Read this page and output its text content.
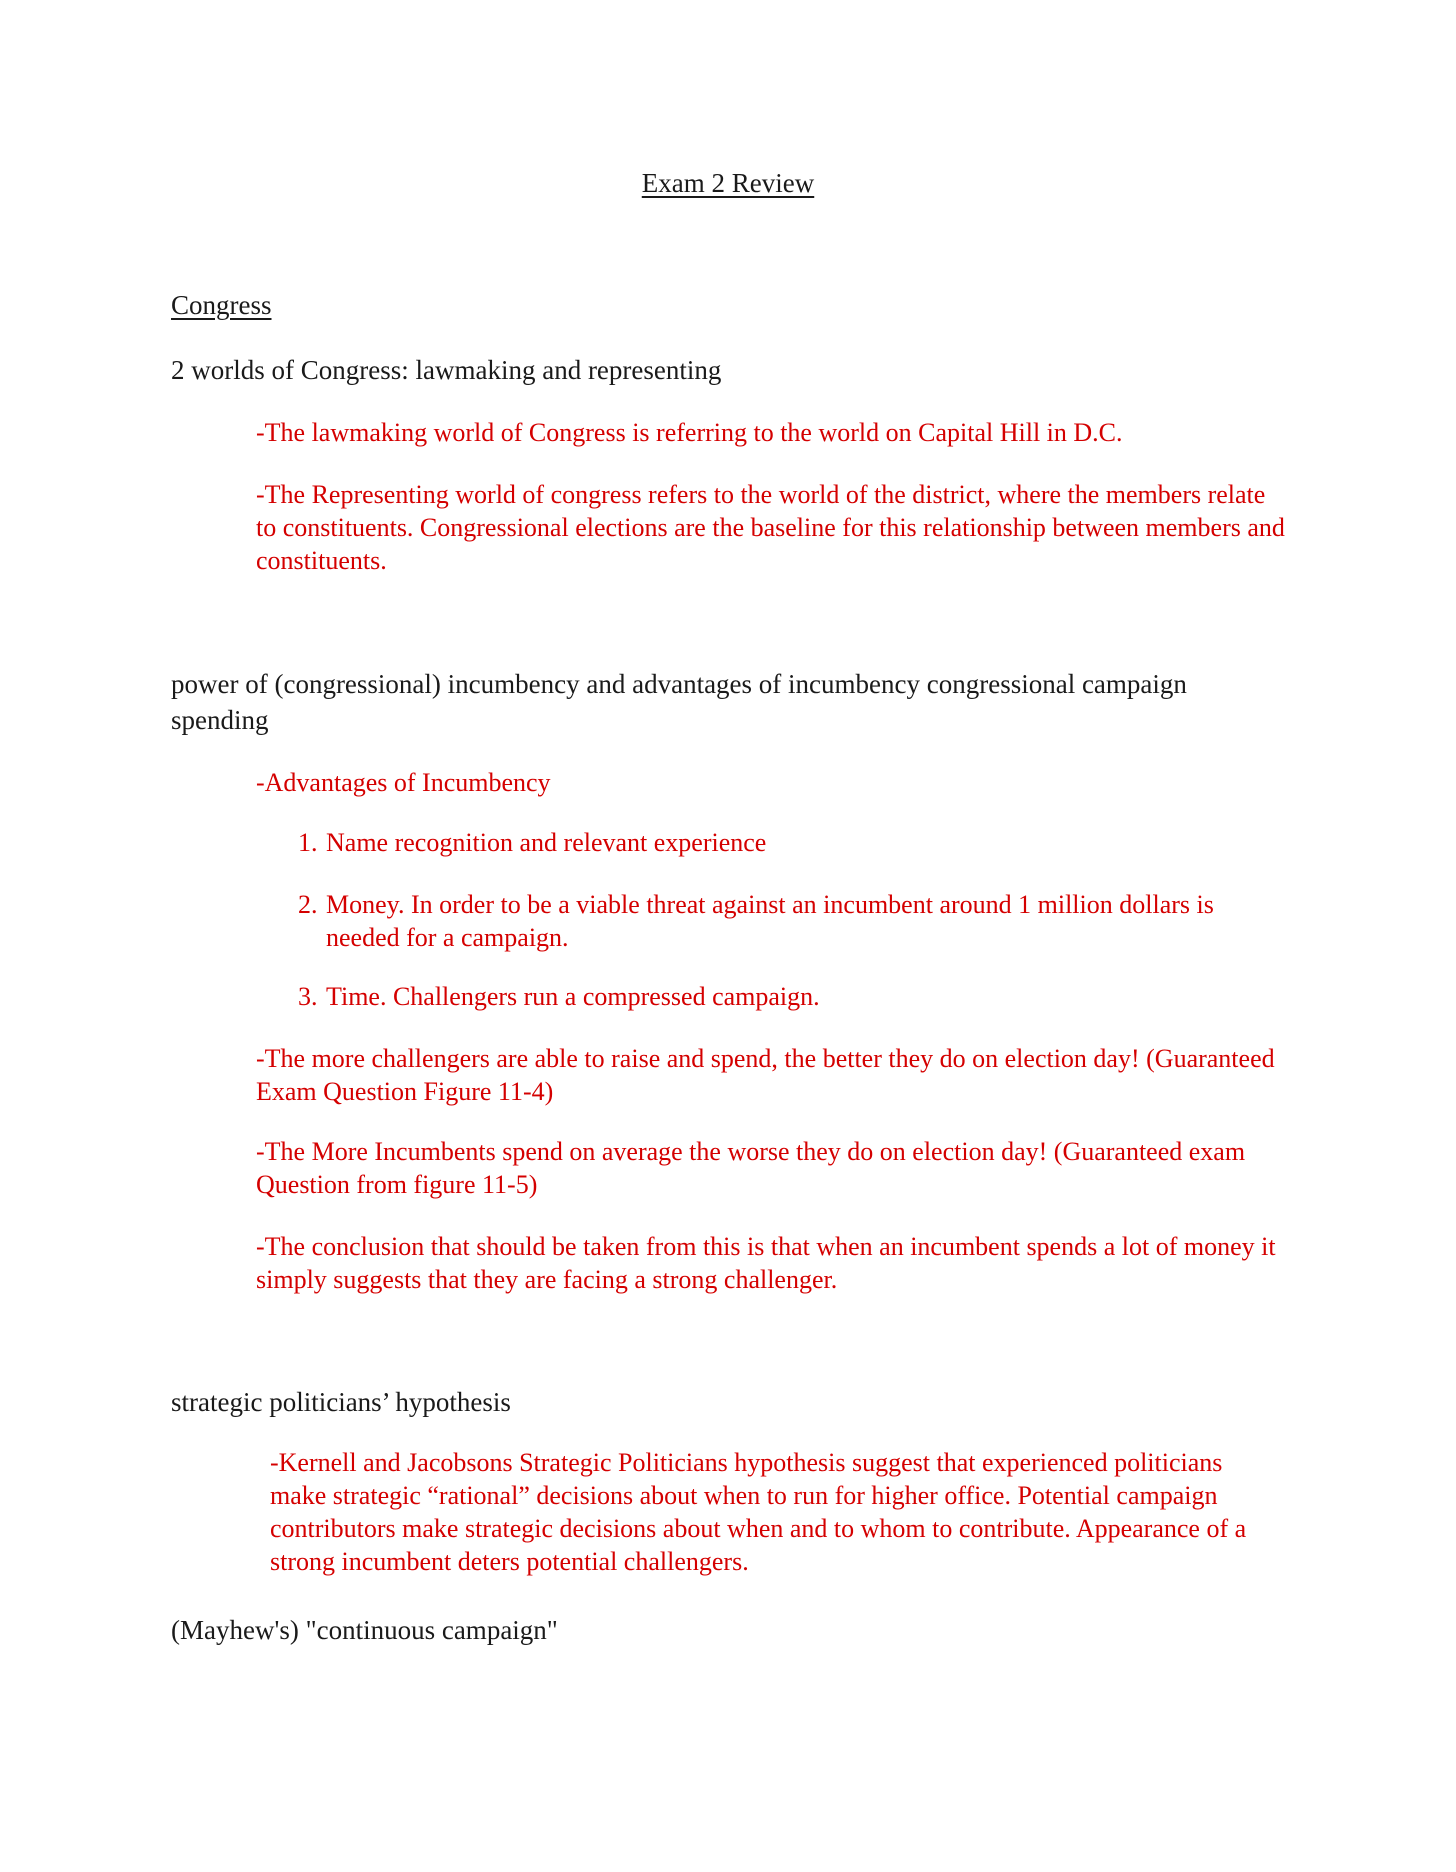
Exam 2 Review
Congress
2 worlds of Congress: lawmaking and representing
-The lawmaking world of Congress is referring to the world on Capital Hill in D.C.
-The Representing world of congress refers to the world of the district, where the members relate to constituents. Congressional elections are the baseline for this relationship between members and constituents.
power of (congressional) incumbency and advantages of incumbency congressional campaign spending
-Advantages of Incumbency
1. Name recognition and relevant experience
2. Money. In order to be a viable threat against an incumbent around 1 million dollars is needed for a campaign.
3. Time. Challengers run a compressed campaign.
-The more challengers are able to raise and spend, the better they do on election day! (Guaranteed Exam Question Figure 11-4)
-The More Incumbents spend on average the worse they do on election day! (Guaranteed exam Question from figure 11-5)
-The conclusion that should be taken from this is that when an incumbent spends a lot of money it simply suggests that they are facing a strong challenger.
strategic politicians’ hypothesis
-Kernell and Jacobsons Strategic Politicians hypothesis suggest that experienced politicians make strategic “rational” decisions about when to run for higher office. Potential campaign contributors make strategic decisions about when and to whom to contribute. Appearance of a strong incumbent deters potential challengers.
(Mayhew's) "continuous campaign"
